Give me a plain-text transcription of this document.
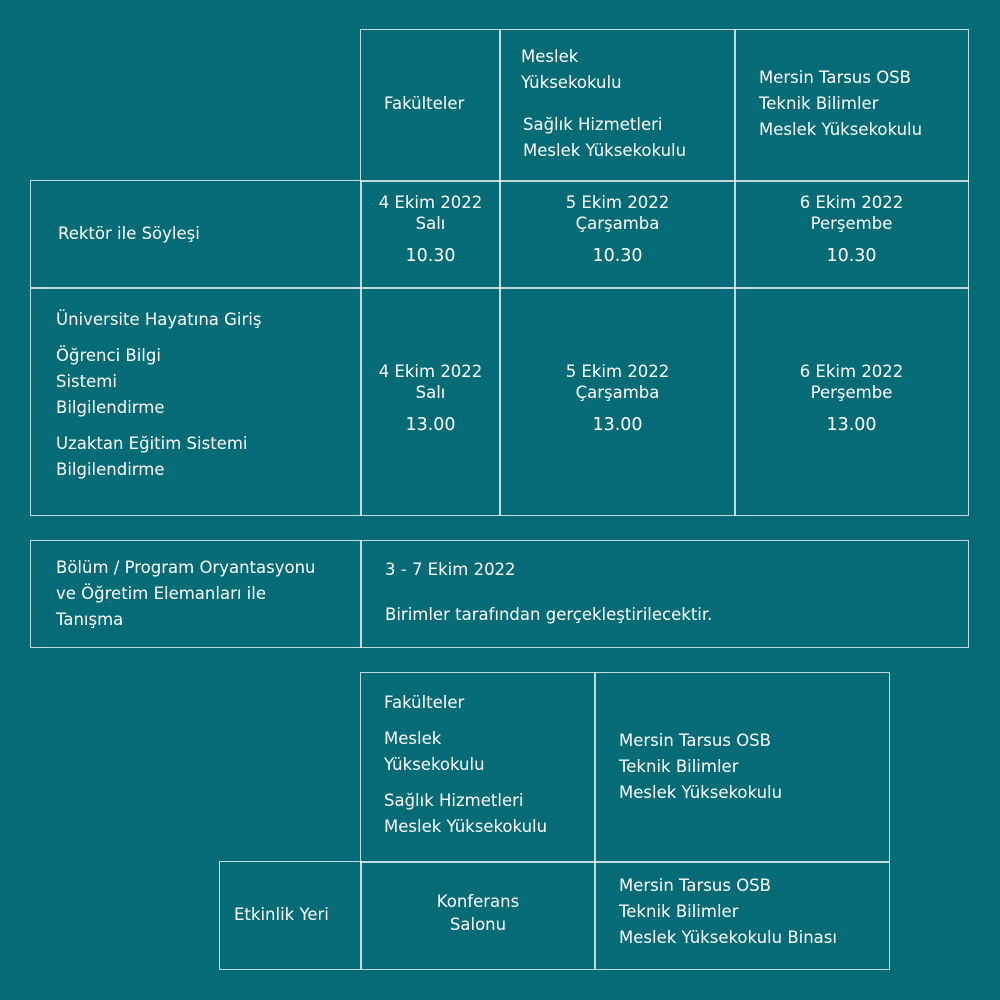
Fakülteler
Meslek
Yüksekokulu
Sağlık Hizmetleri
Meslek Yüksekokulu
Mersin Tarsus OSB
Teknik Bilimler
Meslek Yüksekokulu
Rektör ile Söyleşi
4 Ekim 2022
Salı
10.30
5 Ekim 2022
Çarşamba
10.30
6 Ekim 2022
Perşembe
10.30
Üniversite Hayatına Giriş
Öğrenci Bilgi
Sistemi
Bilgilendirme
Uzaktan Eğitim Sistemi
Bilgilendirme
4 Ekim 2022
Salı
13.00
5 Ekim 2022
Çarşamba
13.00
6 Ekim 2022
Perşembe
13.00
Bölüm / Program Oryantasyonu
ve Öğretim Elemanları ile
Tanışma
3 - 7 Ekim 2022
Birimler tarafından gerçekleştirilecektir.
Fakülteler
Meslek
Yüksekokulu
Sağlık Hizmetleri
Meslek Yüksekokulu
Mersin Tarsus OSB
Teknik Bilimler
Meslek Yüksekokulu
Etkinlik Yeri
Konferans
Salonu
Mersin Tarsus OSB
Teknik Bilimler
Meslek Yüksekokulu Binası
